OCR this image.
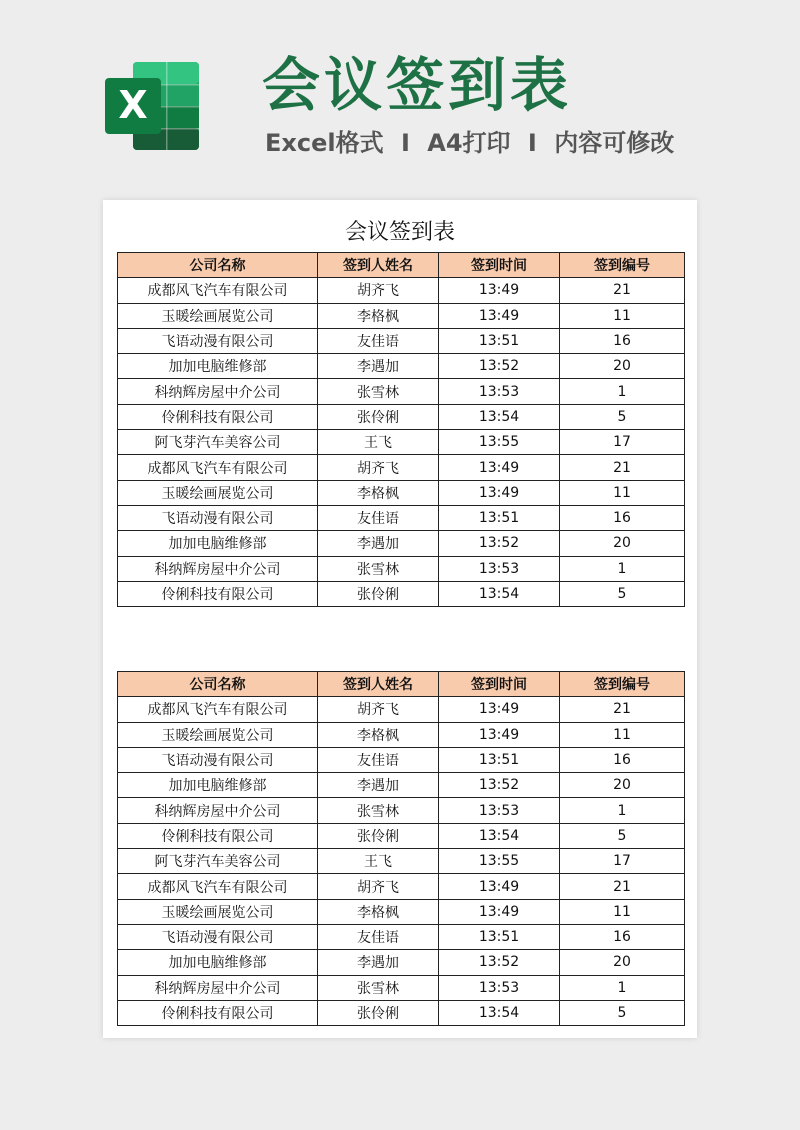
X 会议签到表
Excel格式 I A4打印 I 内容可修改
会议签到表
公司名称	签到人姓名	签到时间	签到编号
成都风飞汽车有限公司	胡齐飞	13:49	21
玉暖绘画展览公司	李格枫	13:49	11
飞语动漫有限公司	友佳语	13:51	16
加加电脑维修部	李遇加	13:52	20
科纳辉房屋中介公司	张雪林	13:53	1
伶俐科技有限公司	张伶俐	13:54	5
阿飞芽汽车美容公司	王飞	13:55	17
成都风飞汽车有限公司	胡齐飞	13:49	21
玉暖绘画展览公司	李格枫	13:49	11
飞语动漫有限公司	友佳语	13:51	16
加加电脑维修部	李遇加	13:52	20
科纳辉房屋中介公司	张雪林	13:53	1
伶俐科技有限公司	张伶俐	13:54	5
公司名称	签到人姓名	签到时间	签到编号
成都风飞汽车有限公司	胡齐飞	13:49	21
玉暖绘画展览公司	李格枫	13:49	11
飞语动漫有限公司	友佳语	13:51	16
加加电脑维修部	李遇加	13:52	20
科纳辉房屋中介公司	张雪林	13:53	1
伶俐科技有限公司	张伶俐	13:54	5
阿飞芽汽车美容公司	王飞	13:55	17
成都风飞汽车有限公司	胡齐飞	13:49	21
玉暖绘画展览公司	李格枫	13:49	11
飞语动漫有限公司	友佳语	13:51	16
加加电脑维修部	李遇加	13:52	20
科纳辉房屋中介公司	张雪林	13:53	1
伶俐科技有限公司	张伶俐	13:54	5
